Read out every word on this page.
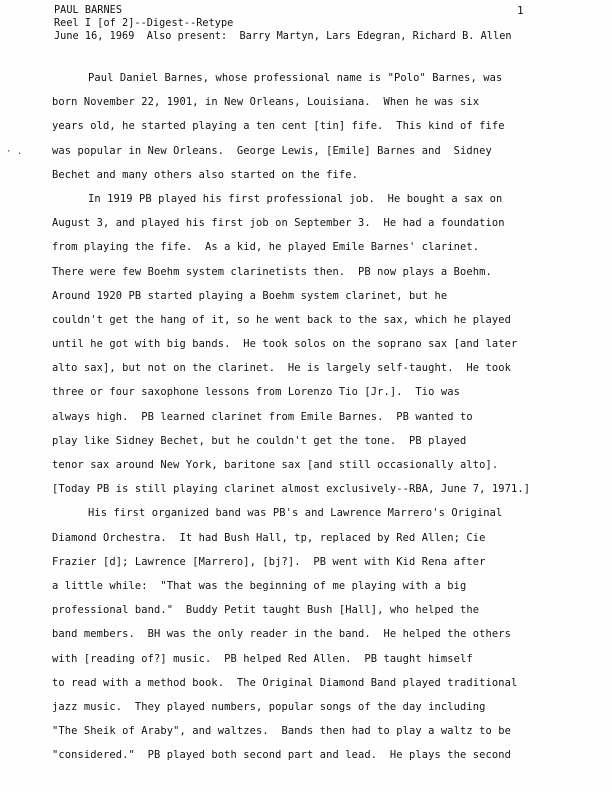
PAUL BARNES
Reel I [of 2]--Digest--Retype
June 16, 1969  Also present:  Barry Martyn, Lars Edegran, Richard B. Allen
1
· .
Paul Daniel Barnes, whose professional name is "Polo" Barnes, was
born November 22, 1901, in New Orleans, Louisiana.  When he was six
years old, he started playing a ten cent [tin] fife.  This kind of fife
was popular in New Orleans.  George Lewis, [Emile] Barnes and  Sidney
Bechet and many others also started on the fife.
In 1919 PB played his first professional job.  He bought a sax on
August 3, and played his first job on September 3.  He had a foundation
from playing the fife.  As a kid, he played Emile Barnes' clarinet.
There were few Boehm system clarinetists then.  PB now plays a Boehm.
Around 1920 PB started playing a Boehm system clarinet, but he
couldn't get the hang of it, so he went back to the sax, which he played
until he got with big bands.  He took solos on the soprano sax [and later
alto sax], but not on the clarinet.  He is largely self-taught.  He took
three or four saxophone lessons from Lorenzo Tio [Jr.].  Tio was
always high.  PB learned clarinet from Emile Barnes.  PB wanted to
play like Sidney Bechet, but he couldn't get the tone.  PB played
tenor sax around New York, baritone sax [and still occasionally alto].
[Today PB is still playing clarinet almost exclusively--RBA, June 7, 1971.]
His first organized band was PB's and Lawrence Marrero's Original
Diamond Orchestra.  It had Bush Hall, tp, replaced by Red Allen; Cie
Frazier [d]; Lawrence [Marrero], [bj?].  PB went with Kid Rena after
a little while:  "That was the beginning of me playing with a big
professional band."  Buddy Petit taught Bush [Hall], who helped the
band members.  BH was the only reader in the band.  He helped the others
with [reading of?] music.  PB helped Red Allen.  PB taught himself
to read with a method book.  The Original Diamond Band played traditional
jazz music.  They played numbers, popular songs of the day including
"The Sheik of Araby", and waltzes.  Bands then had to play a waltz to be
"considered."  PB played both second part and lead.  He plays the second
